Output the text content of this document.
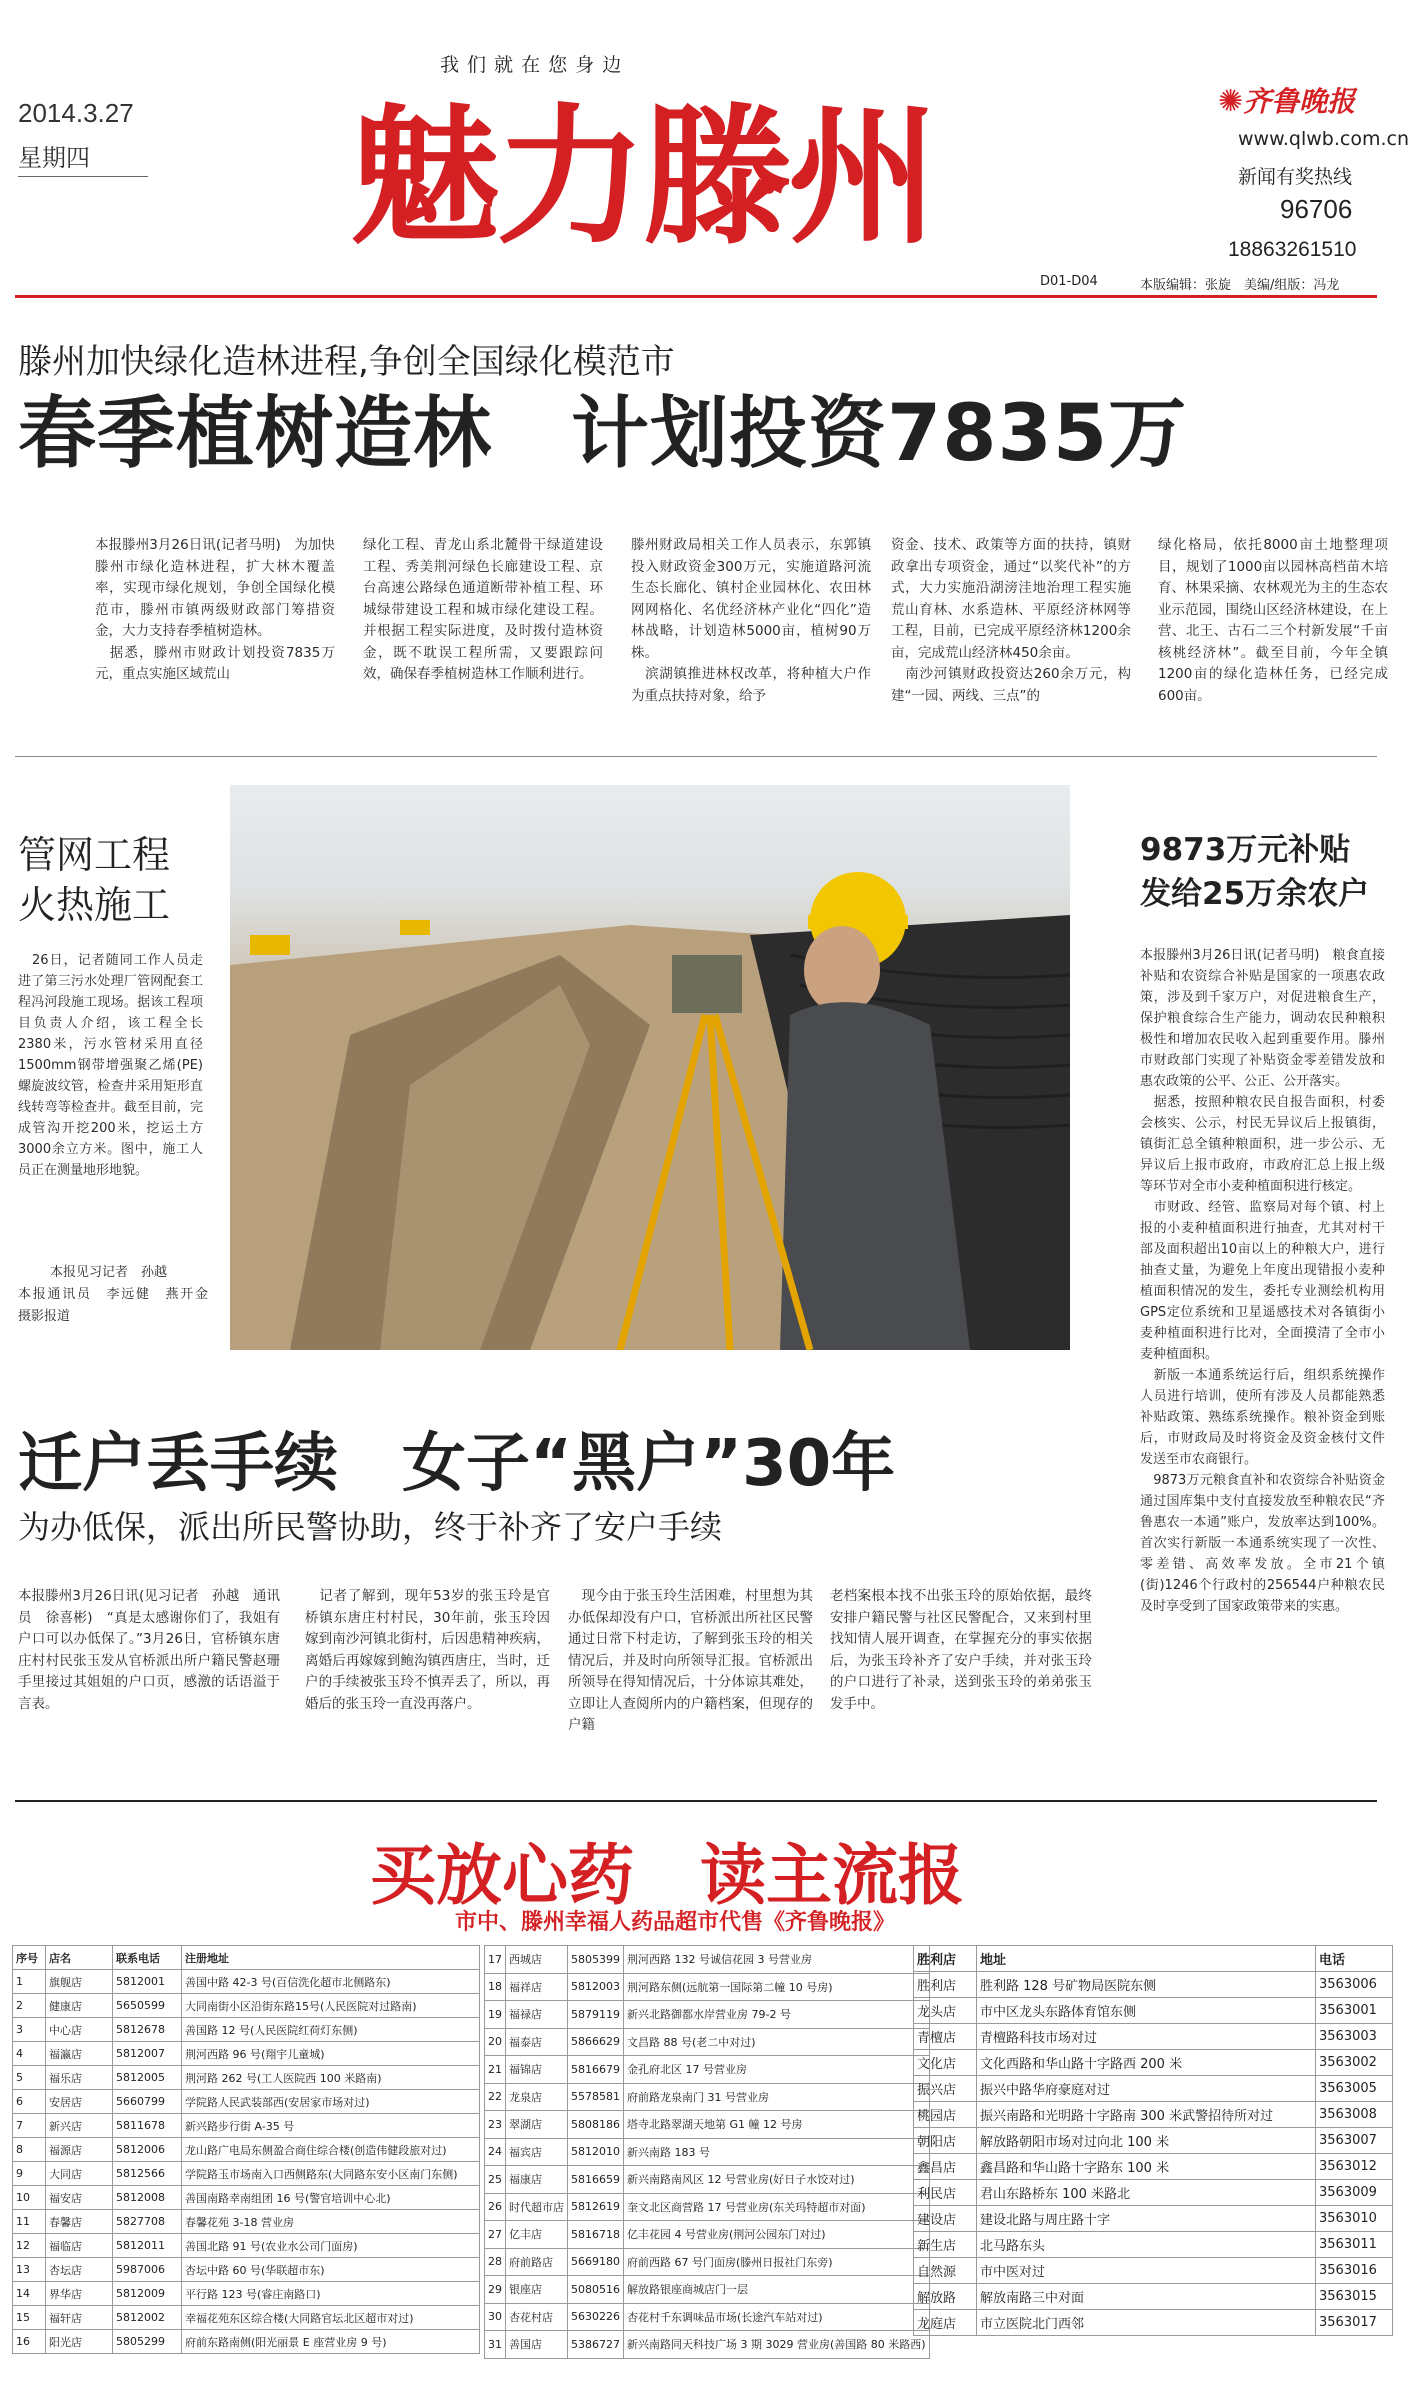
我 们 就 在 您 身 边
2014.3.27
星期四 魅力滕州	✺齐鲁晚报
www.qlwb.com.cn
新闻有奖热线
96706
18863261510
D01-D04	本版编辑：张旋　美编/组版：冯龙
滕州加快绿化造林进程,争创全国绿化模范市
春季植树造林　计划投资7835万
本报滕州3月26日讯(记者马明)　为加快滕州市绿化造林进程，扩大林木覆盖率，实现市绿化规划，争创全国绿化模范市，滕州市镇两级财政部门筹措资金，大力支持春季植树造林。
　据悉，滕州市财政计划投资7835万元，重点实施区域荒山
绿化工程、青龙山系北麓骨干绿道建设工程、秀美荆河绿色长廊建设工程、京台高速公路绿色通道断带补植工程、环城绿带建设工程和城市绿化建设工程。并根据工程实际进度，及时拨付造林资金，既不耽误工程所需，又要跟踪问效，确保春季植树造林工作顺利进行。
滕州财政局相关工作人员表示，东郭镇投入财政资金300万元，实施道路河流生态长廊化、镇村企业园林化、农田林网网格化、名优经济林产业化“四化”造林战略，计划造林5000亩，植树90万株。
　滨湖镇推进林权改革，将种植大户作为重点扶持对象，给予
资金、技术、政策等方面的扶持，镇财政拿出专项资金，通过“以奖代补”的方式，大力实施沿湖滂洼地治理工程实施荒山育林、水系造林、平原经济林网等工程，目前，已完成平原经济林1200余亩，完成荒山经济林450余亩。
　南沙河镇财政投资达260余万元，构建“一园、两线、三点”的
绿化格局，依托8000亩土地整理项目，规划了1000亩以园林高档苗木培育、林果采摘、农林观光为主的生态农业示范园，围绕山区经济林建设，在上营、北王、古石二三个村新发展“千亩核桃经济林”。截至目前，今年全镇1200亩的绿化造林任务，已经完成600亩。
管网工程
火热施工
　26日，记者随同工作人员走进了第三污水处理厂管网配套工程冯河段施工现场。据该工程项目负责人介绍，该工程全长2380米，污水管材采用直径1500mm钢带增强聚乙烯(PE)螺旋波纹管，检查井采用矩形直线转弯等检查井。截至目前，完成管沟开挖200米，挖运土方3000余立方米。图中，施工人员正在测量地形地貌。
本报见习记者　孙越
本报通讯员　李远健　燕开金　摄影报道
9873万元补贴
发给25万余农户
本报滕州3月26日讯(记者马明)　粮食直接补贴和农资综合补贴是国家的一项惠农政策，涉及到千家万户，对促进粮食生产，保护粮食综合生产能力，调动农民种粮积极性和增加农民收入起到重要作用。滕州市财政部门实现了补贴资金零差错发放和惠农政策的公平、公正、公开落实。
　据悉，按照种粮农民自报告面积，村委会核实、公示，村民无异议后上报镇街，镇街汇总全镇种粮面积，进一步公示、无异议后上报市政府，市政府汇总上报上级等环节对全市小麦种植面积进行核定。
　市财政、经管、监察局对每个镇、村上报的小麦种植面积进行抽查，尤其对村干部及面积超出10亩以上的种粮大户，进行抽查丈量，为避免上年度出现错报小麦种植面积情况的发生，委托专业测绘机构用GPS定位系统和卫星遥感技术对各镇街小麦种植面积进行比对，全面摸清了全市小麦种植面积。
　新版一本通系统运行后，组织系统操作人员进行培训，使所有涉及人员都能熟悉补贴政策、熟练系统操作。粮补资金到账后，市财政局及时将资金及资金核付文件发送至市农商银行。
　9873万元粮食直补和农资综合补贴资金通过国库集中支付直接发放至种粮农民“齐鲁惠农一本通”账户，发放率达到100%。首次实行新版一本通系统实现了一次性、零差错、高效率发放。全市21个镇(街)1246个行政村的256544户种粮农民及时享受到了国家政策带来的实惠。
迁户丢手续　女子“黑户”30年
为办低保，派出所民警协助，终于补齐了安户手续
本报滕州3月26日讯(见习记者　孙越　通讯员　徐喜彬)　“真是太感谢你们了，我姐有户口可以办低保了。”3月26日，官桥镇东唐庄村村民张玉发从官桥派出所户籍民警赵珊手里接过其姐姐的户口页，感激的话语溢于言表。
　记者了解到，现年53岁的张玉玲是官桥镇东唐庄村村民，30年前，张玉玲因嫁到南沙河镇北街村，后因患精神疾病，离婚后再嫁嫁到鲍沟镇西唐庄，当时，迁户的手续被张玉玲不慎弄丢了，所以，再婚后的张玉玲一直没再落户。
　现今由于张玉玲生活困难，村里想为其办低保却没有户口，官桥派出所社区民警通过日常下村走访，了解到张玉玲的相关情况后，并及时向所领导汇报。官桥派出所领导在得知情况后，十分体谅其难处，立即让人查阅所内的户籍档案，但现存的户籍
老档案根本找不出张玉玲的原始依据，最终安排户籍民警与社区民警配合，又来到村里找知情人展开调查，在掌握充分的事实依据后，为张玉玲补齐了安户手续，并对张玉玲的户口进行了补录，送到张玉玲的弟弟张玉发手中。
买放心药　读主流报
市中、滕州幸福人药品超市代售《齐鲁晚报》
序号	店名	联系电话	注册地址
1	旗舰店	5812001	善国中路 42-3 号(百信洗化超市北侧路东)
2	健康店	5650599	大同南街小区沿街东路15号(人民医院对过路南)
3	中心店	5812678	善国路 12 号(人民医院红荷灯东侧)
4	福瀛店	5812007	荆河西路 96 号(翔宇儿童城)
5	福乐店	5812005	荆河路 262 号(工人医院西 100 米路南)
6	安居店	5660799	学院路人民武装部西(安居家市场对过)
7	新兴店	5811678	新兴路步行街 A-35 号
8	福源店	5812006	龙山路广电局东侧盈合商住综合楼(创造伟健段旅对过)
9	大同店	5812566	学院路玉市场南入口西侧路东(大同路东安小区南门东侧)
10	福安店	5812008	善国南路幸南组团 16 号(警官培训中心北)
11	春馨店	5827708	春馨花苑 3-18 营业房
12	福临店	5812011	善国北路 91 号(农业水公司门面房)
13	杏坛店	5987006	杏坛中路 60 号(华联超市东)
14	界华店	5812009	平行路 123 号(睿庄南路口)
15	福轩店	5812002	幸福花苑东区综合楼(大同路官坛北区超市对过)
16	阳光店	5805299	府前东路南侧(阳光丽景 E 座营业房 9 号)
17	西城店	5805399	荆河西路 132 号诚信花园 3 号营业房
18	福祥店	5812003	荆河路东侧(远航第一国际第二幢 10 号房)
19	福禄店	5879119	新兴北路御都水岸营业房 79-2 号
20	福泰店	5866629	文昌路 88 号(老二中对过)
21	福锦店	5816679	金孔府北区 17 号营业房
22	龙泉店	5578581	府前路龙泉南门 31 号营业房
23	翠湖店	5808186	塔寺北路翠湖天地第 G1 幢 12 号房
24	福宾店	5812010	新兴南路 183 号
25	福康店	5816659	新兴南路南风区 12 号营业房(好日子水饺对过)
26	时代超市店	5812619	奎文北区商营路 17 号营业房(东关玛特超市对面)
27	亿丰店	5816718	亿丰花园 4 号营业房(荆河公园东门对过)
28	府前路店	5669180	府前西路 67 号门面房(滕州日报社门东旁)
29	银座店	5080516	解放路银座商城店门一层
30	杏花村店	5630226	杏花村千东调味品市场(长途汽车站对过)
31	善国店	5386727	新兴南路同天科技广场 3 期 3029 营业房(善国路 80 米路西)
胜利店	地址	电话
胜利店	胜利路 128 号矿物局医院东侧	3563006
龙头店	市中区龙头东路体育馆东侧	3563001
青檀店	青檀路科技市场对过	3563003
文化店	文化西路和华山路十字路西 200 米	3563002
振兴店	振兴中路华府豪庭对过	3563005
桃园店	振兴南路和光明路十字路南 300 米武警招待所对过	3563008
朝阳店	解放路朝阳市场对过向北 100 米	3563007
鑫昌店	鑫昌路和华山路十字路东 100 米	3563012
利民店	君山东路桥东 100 米路北	3563009
建设店	建设北路与周庄路十字	3563010
新生店	北马路东头	3563011
自然源	市中医对过	3563016
解放路	解放南路三中对面	3563015
龙庭店	市立医院北门西邻	3563017
